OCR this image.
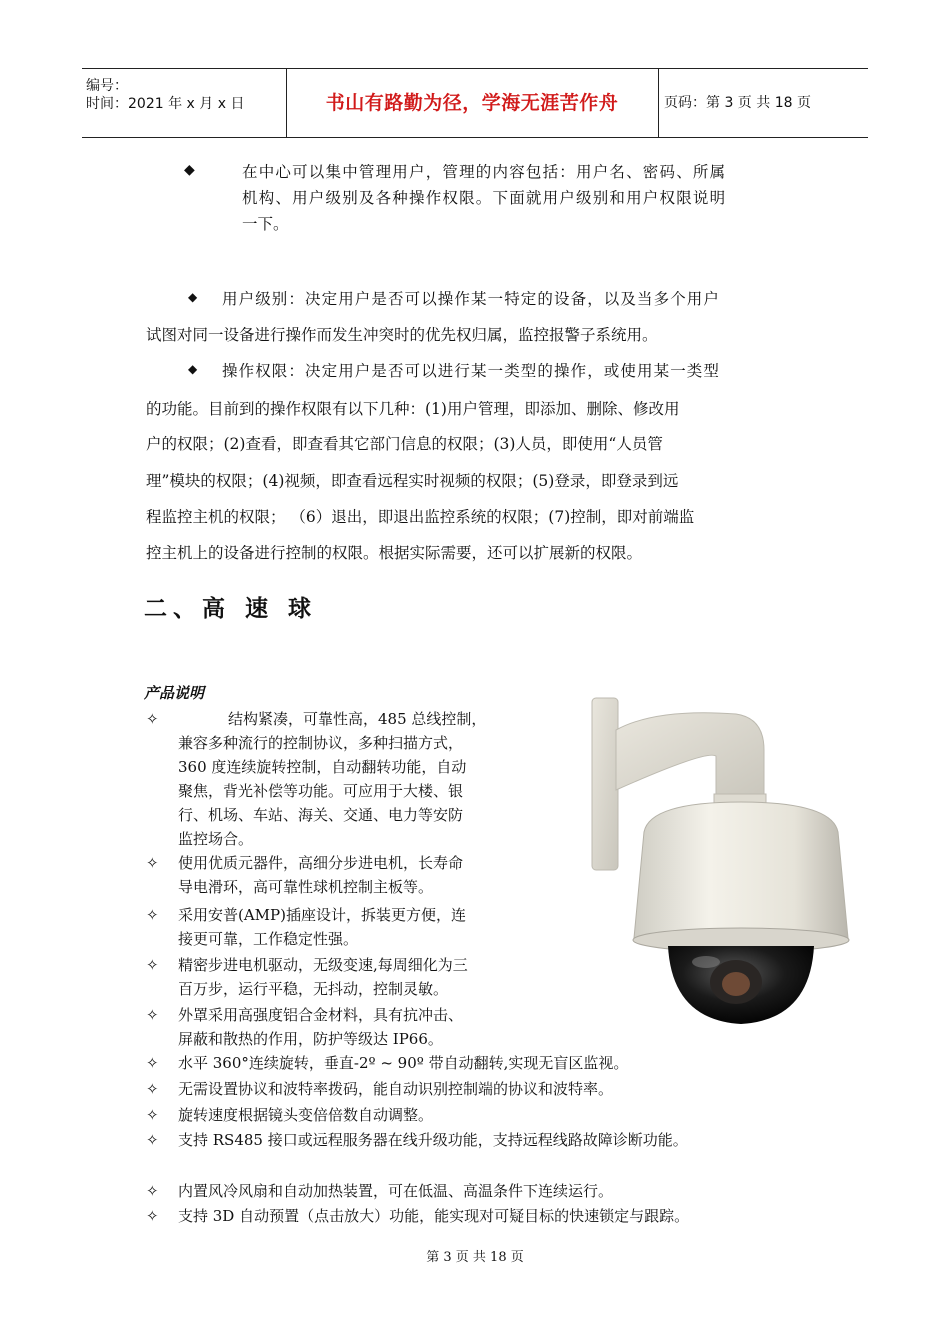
编号：
时间：2021 年 x 月 x 日	书山有路勤为径，学海无涯苦作舟	页码：第 3 页 共 18 页
◆	在中心可以集中管理用户，管理的内容包括：用户名、密码、所属
机构、用户级别及各种操作权限。下面就用户级别和用户权限说明
一下。
◆ 用户级别：决定用户是否可以操作某一特定的设备，以及当多个用户
试图对同一设备进行操作而发生冲突时的优先权归属，监控报警子系统用。
◆ 操作权限：决定用户是否可以进行某一类型的操作，或使用某一类型
的功能。目前到的操作权限有以下几种：(1)用户管理，即添加、删除、修改用
户的权限；(2)查看，即查看其它部门信息的权限；(3)人员，即使用“人员管
理”模块的权限；(4)视频，即查看远程实时视频的权限；(5)登录，即登录到远
程监控主机的权限； （6）退出，即退出监控系统的权限；(7)控制，即对前端监
控主机上的设备进行控制的权限。根据实际需要，还可以扩展新的权限。
二、高 速 球
产品说明
✧	结构紧凑，可靠性高，485 总线控制，
兼容多种流行的控制协议，多种扫描方式，
360 度连续旋转控制，自动翻转功能，自动
聚焦，背光补偿等功能。可应用于大楼、银
行、机场、车站、海关、交通、电力等安防
监控场合。
✧ 使用优质元器件，高细分步进电机，长寿命
导电滑环，高可靠性球机控制主板等。
✧ 采用安普(AMP)插座设计，拆装更方便，连
接更可靠，工作稳定性强。
✧ 精密步进电机驱动，无级变速,每周细化为三
百万步，运行平稳，无抖动，控制灵敏。
✧ 外罩采用高强度铝合金材料，具有抗冲击、
屏蔽和散热的作用，防护等级达 IP66。
✧ 水平 360°连续旋转，垂直-2º ~ 90º 带自动翻转,实现无盲区监视。
✧ 无需设置协议和波特率拨码，能自动识别控制端的协议和波特率。
✧ 旋转速度根据镜头变倍倍数自动调整。
✧ 支持 RS485 接口或远程服务器在线升级功能，支持远程线路故障诊断功能。
✧ 内置风冷风扇和自动加热装置，可在低温、高温条件下连续运行。
✧ 支持 3D 自动预置（点击放大）功能，能实现对可疑目标的快速锁定与跟踪。
第 3 页 共 18 页
